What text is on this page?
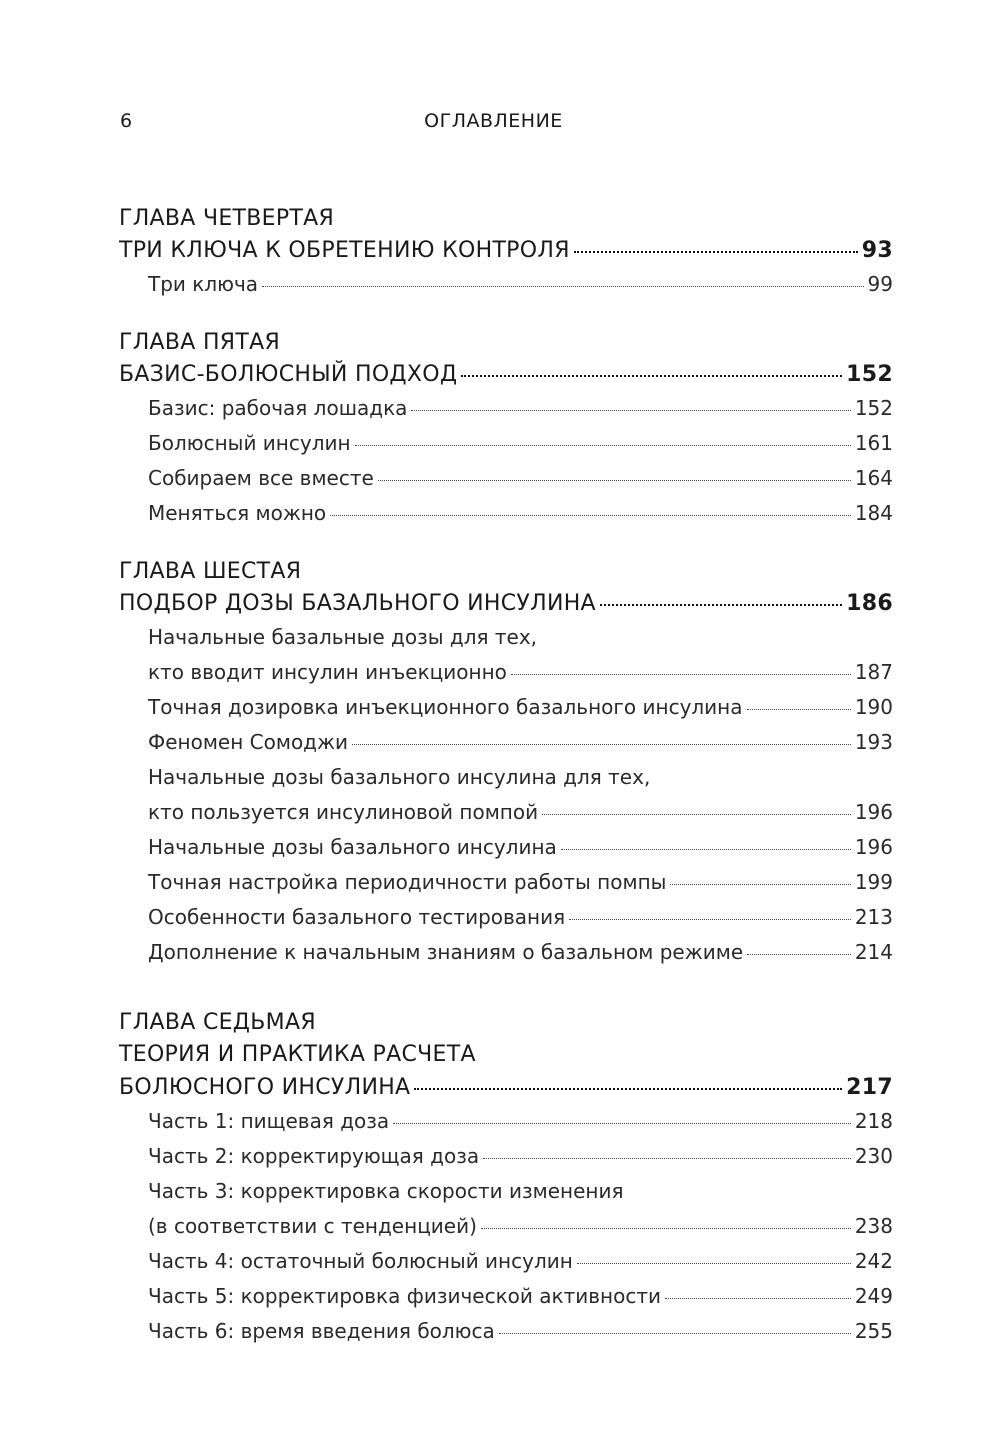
6	ОГЛАВЛЕНИЕ
ГЛАВА ЧЕТВЕРТАЯ
ТРИ КЛЮЧА К ОБРЕТЕНИЮ КОНТРОЛЯ	93
Три ключа	99
ГЛАВА ПЯТАЯ
БАЗИС-БОЛЮСНЫЙ ПОДХОД	152
Базис: рабочая лошадка	152
Болюсный инсулин	161
Собираем все вместе	164
Меняться можно	184
ГЛАВА ШЕСТАЯ
ПОДБОР ДОЗЫ БАЗАЛЬНОГО ИНСУЛИНА	186
Начальные базальные дозы для тех,
кто вводит инсулин инъекционно	187
Точная дозировка инъекционного базального инсулина	190
Феномен Сомоджи	193
Начальные дозы базального инсулина для тех,
кто пользуется инсулиновой помпой	196
Начальные дозы базального инсулина	196
Точная настройка периодичности работы помпы	199
Особенности базального тестирования	213
Дополнение к начальным знаниям о базальном режиме	214
ГЛАВА СЕДЬМАЯ
ТЕОРИЯ И ПРАКТИКА РАСЧЕТА
БОЛЮСНОГО ИНСУЛИНА	217
Часть 1: пищевая доза	218
Часть 2: корректирующая доза	230
Часть 3: корректировка скорости изменения
(в соответствии с тенденцией)	238
Часть 4: остаточный болюсный инсулин	242
Часть 5: корректировка физической активности	249
Часть 6: время введения болюса	255
